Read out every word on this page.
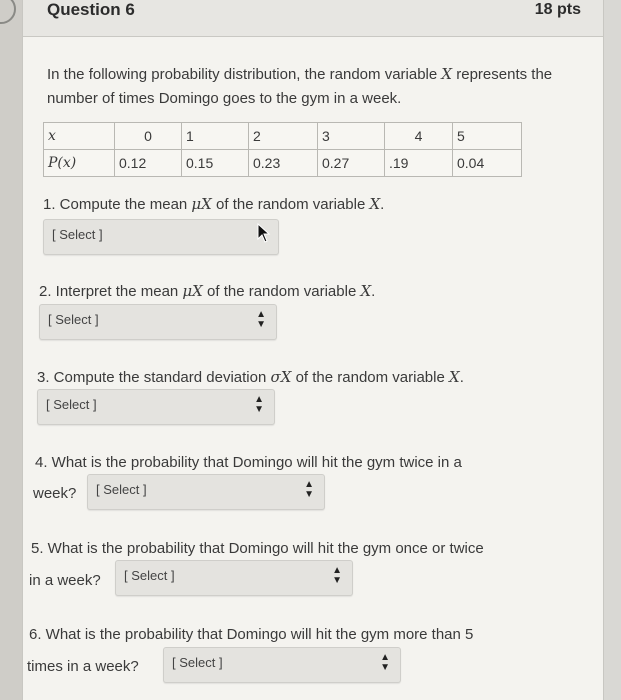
Question 6	18 pts
In the following probability distribution, the random variable X represents the number of times Domingo goes to the gym in a week.
x	0	1	2	3	4	5
P(x)	0.12	0.15	0.23	0.27	.19	0.04
1. Compute the mean μX of the random variable X.
[ Select ]
2. Interpret the mean μX of the random variable X.
[ Select ]	▲
▼
3. Compute the standard deviation σX of the random variable X.
[ Select ]	▲
▼
4. What is the probability that Domingo will hit the gym twice in a
week? [ Select ]	▲
▼
5. What is the probability that Domingo will hit the gym once or twice
in a week? [ Select ]	▲
▼
6. What is the probability that Domingo will hit the gym more than 5
times in a week?	[ Select ]	▲
▼
